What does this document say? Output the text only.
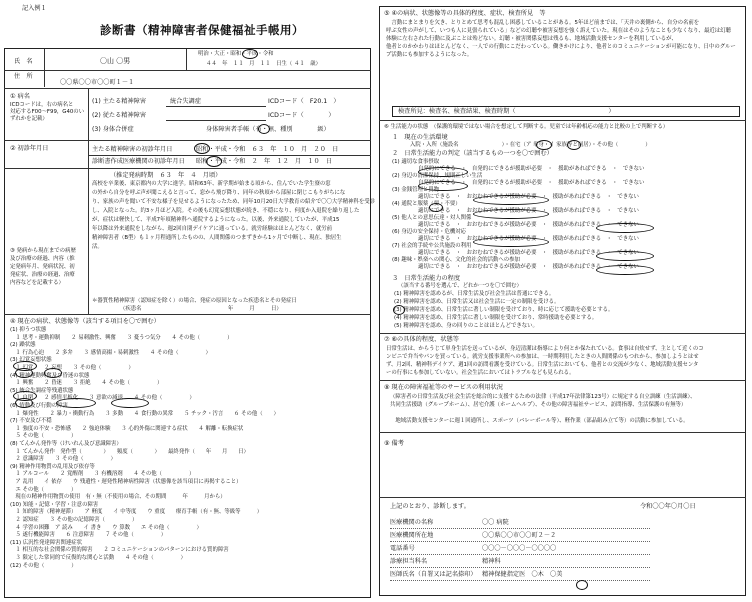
記入例１
診断書（精神障害者保健福祉手帳用）
氏　名	〇山 〇男
明治・大正・昭和・平成・令和
４４　年　１１　月　１１　日生（ ４１　歳）
住　所
〇〇県〇〇市〇〇町１－１
① 病名
ICDコードは，右の病名と
対応するF00～F99，G40のい
ずれかを記載）
(1) 主たる精神障害	統合失調症	ICDコード（　F20.1　）
(2) 従たる精神障害	ICDコード（　　　　）
(3) 身体合併症	身体障害者手帳（有・無、種別　　　　級）
② 初診年月日	主たる精神障害の初診年月日	昭和・平成・令和　６３　年　１０　月　２０　日
診断書作成医療機関の初診年月日 昭和・平成・令和　２　年　１２　月　１０　日
③ 発病から現在までの病歴
及び治療の経過、内容（推
定発病年月、発病状況、初
発症状、治療の経過、治療
内容などを記載する）
（推定発病時期　６３　年　４　月頃）
高校を卒業後、東京都内の大学に進学。昭和63年、新学期が始まる頃から、住んでいた学生寮の窓
の外から自分を呼ぶ声が聞こえると言って、窓から飛び降り、同年の秋頃から部屋に閉じこもりがちにな
り、家族の声を聞いて不安な様子を見せるようになったため、同年10月20日大学教育の紹介で〇〇大学精神科を受診
し、入院となった。約3ヶ月ほど入院。その後も幻覚妄想状態が続き、不穏になり、何度か入退院を繰り返した
が、症状は軽快して、平成7年頃精神科へ通院するようになった。以後、外来通院していたが、平成15
年以降は外来通院をしながら、週2回自閉デイケアに通っている。就労経験はほとんどなく、就労前
精神障害者（B型）も１ヶ月程通所したものの、人間関係のつまずきから1ヶ月で中断し、現在、独居生
活。
＊器質性精神障害（認知症を除く）の場合、発症の原因となった疾患名とその発症日
（疾患名　　　　　　　　　　　　　　　　年　　　月　　　日）
④ 現在の病状、状態像等（該当する項目を〇で囲む）
(1) 抑うつ状態
　１ 思考・運動抑制　　２ 易刺激性、興奮　　３ 憂うつ気分　　４ その他（　　　　　）
(2) 躁状態
　１ 行為心迫　　２ 多弁　　３ 感情高揚・易刺激性　　４ その他（　　　　　）
(3) 幻覚妄想状態
　１ 幻覚　　２ 妄想　　３ その他（　　　　　）
(4) 精神運動興奮及び昏迷の状態
　１ 興奮　　２ 昏迷　　３ 拒絶　　４ その他（　　　　　）
(5) 統合失調症等残遺状態
　１ 自閉　　２ 感情平板化　　３ 意欲の減退　　４ その他（　　　　　）
(6) 情動及び行動の障害
　１ 爆発性　　２ 暴力・衝動行為　　３ 多動　　４ 食行動の異常　　５ チック・汚言　　６ その他（　　）
(7) 不安及び不穏
　１ 強度の不安・恐怖感　　２ 強迫体験　　３ 心的外傷に関連する症状　　４ 解離・転換症状
　５ その他（　　　　　）
(8) てんかん発作等（けいれん及び意識障害）
　１ てんかん発作　発作型（　　　　）　　頻度（　　　　）　　最終発作（　　年　　月　　日）
　２ 意識障害　　３ その他（　　　　　）
(9) 精神作用物質の乱用及び依存等
　１ アルコール　　２ 覚醒剤　　３ 有機溶剤　　４ その他（　　　　　）
　ア 乱用　　イ 依存　　ウ 残遺性・遅発性精神病性障害（状態像を該当項目に再掲すること）
　エ その他（　　　　　）
　現在の精神作用物質の使用　有・無（不使用の場合、その期間　　　年　　　月から）
(10) 知能・記憶・学習・注意の障害
　１ 知的障害（精神遅滞）　　ア 軽度　　イ 中等度　　ウ 重度　　療育手帳（有・無、等級等　　　）
　２ 認知症　　３ その他の記憶障害（　　　　　）
　４ 学習の困難　ア 読み　　イ 書き　　ウ 算数　　エ その他（　　　　　）
　５ 遂行機能障害　　６ 注意障害　　７ その他（　　　　　）
(11) 広汎性発達障害関連症状
　１ 相互的な社会関係の質的障害　　２ コミュニケーションのパターンにおける質的障害
　３ 限定した常同的で反復的な関心と活動　　４ その他（　　　　　）
(12) その他（　　　　　）
⑤ ④の病状、状態像等の具体的程度、症状、検査所見　等
　言動にまとまりを欠き、とりとめて思考も混乱し困惑していることがある。5年ほど前までは、「天井の裏側から、自分の名前を
呼ぶ女性の声がして、いつも人に見張られている」などの幻聴や被害妄想を強く訴えていた。現在はそのようなことも少なくなり、最近は幻聴
体験に左右された行動に及ぶことは殆どない。幻聴・被害関係妄想は残るも、地域活動支援センターを利用しているが、
他者とのかかわりはほとんどなく、一人での行動にこだわっている。働きかけにより、他者とのコミュニケーションが可能になり、日中のグルー
プ活動にも参加するようになった。
検査所見：検査名、検査結果、検査時期（　　　　　　　　　　　　　　　）
⑥ 生活能力の状態　（保護的環境ではない場合を想定して判断する。児童では年齢相応の能力と比較の上で判断する）
１　現在の生活環境
入院・入所（施設名　　　　　　　　）・在宅（ア 単身・イ 家族等と同居）・その他（　　　　　）
２　日常生活能力の判定（該当するもの一つを〇で囲む）
(1) 適切な食事摂取
自発的にできる　・　自発的にできるが援助が必要　・　援助があればできる　・　できない
(2) 身辺の清潔保持、規則正しい生活
自発的にできる　・　自発的にできるが援助が必要　・　援助があればできる　・　できない
(3) 金銭管理と買物
適切にできる　・　おおむねできるが援助が必要　・　援助があればできる　・　できない
(4) 通院と服薬（要・不要）
適切にできる　・　おおむねできるが援助が必要　・　援助があればできる　・　できない
(5) 他人との意思伝達・対人関係
適切にできる　・　おおむねできるが援助が必要　・　援助があればできる　・　できない
(6) 身辺の安全保持・危機対応
適切にできる　・　おおむねできるが援助が必要　・　援助があればできる　・　できない
(7) 社会的手続や公共施設の利用
適切にできる　・　おおむねできるが援助が必要　・　援助があればできる　・　できない
(8) 趣味・娯楽への関心、文化的社会的活動への参加
適切にできる　・　おおむねできるが援助が必要　・　援助があればできる　・　できない
３　日常生活能力の程度
（該当する番号を選んで、どれか一つを〇で囲む）
(1) 精神障害を認めるが、日常生活及び社会生活は普通にできる。
(2) 精神障害を認め、日常生活又は社会生活に一定の制限を受ける。
(3) 精神障害を認め、日常生活に著しい制限を受けており、時に応じて援助を必要とする。
(4) 精神障害を認め、日常生活に著しい制限を受けており、常時援助を必要とする。
(5) 精神障害を認め、身の回りのことはほとんどできない。
⑦ ⑥の具体的程度、状態等
日常生活は、からうじて単身生活を送っているが、身辺清潔は指導により何とか保たれている。食事は自炊せず、主として近くのコ
ンビニで弁当やパンを買っている。就労支援事業所への参加は、一時期利用したときの人間関係のもつれから、参加しようとはせ
ず、月2回、精神科デイケア、週1回の訪問看護を受けている。日常生活においても、他者との交流が少なく、地域活動支援センタ
ーの行事にも参加していない。社会生活においてはトラブルなども見られる。
⑧ 現在の障害福祉等のサービスの利用状況
（障害者の日常生活及び社会生活を総合的に支援するための法律（平成17年法律第123号）に規定する自立訓練（生活訓練）、
共同生活援助（グループホーム）、居宅介護（ホームヘルプ）、その他の障害福祉サービス、訪問指導、生活保護の有無等）
　地域活動支援センターに週１回通所し、スポーツ（バレーボール等）、軽作業（部品組み立て等）の活動に参加している。
⑨ 備考
上記のとおり、診断します。	令和〇〇年〇月〇日
医療機関の名称	〇〇 病院
医療機関所在地	〇〇県〇〇市〇〇町２－２
電話番号	〇〇〇－〇〇〇－〇〇〇〇
診療担当科名	精神科
医師氏名（自署又は記名捺印） 精神保健指定医　〇木　〇美
